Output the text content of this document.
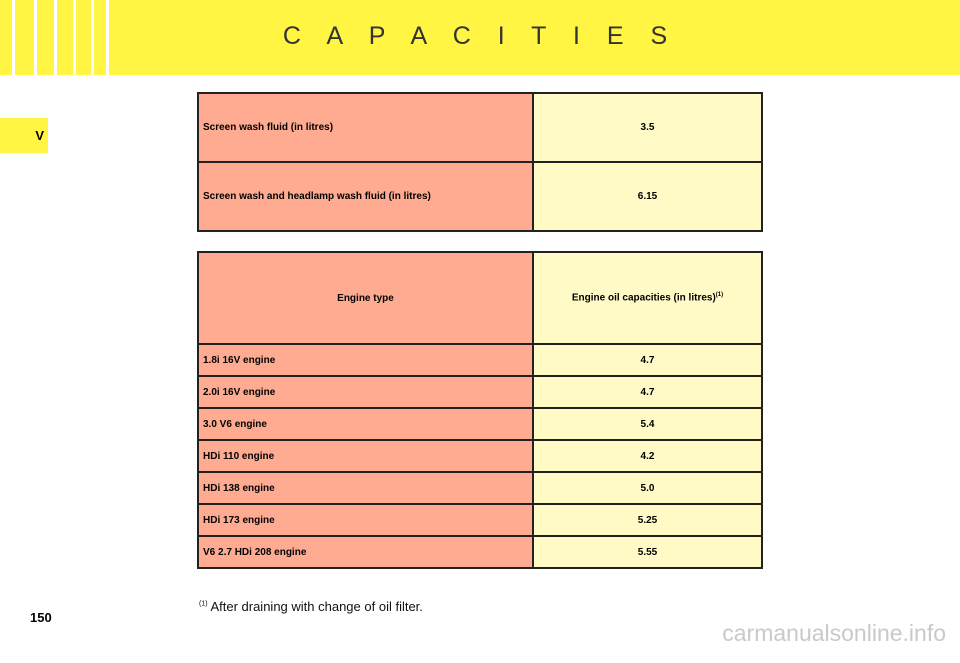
C A P A C I T I E S
V
Screen wash fluid (in litres)	3.5
Screen wash and headlamp wash fluid (in litres)	6.15
Engine type	Engine oil capacities (in litres)$^{(1)}$
1.8i 16V engine	4.7
2.0i 16V engine	4.7
3.0 V6 engine	5.4
HDi 110 engine	4.2
HDi 138 engine	5.0
HDi 173 engine	5.25
V6 2.7 HDi 208 engine	5.55
$^{(1)}$ After draining with change of oil filter.
150
carmanualsonline.info
